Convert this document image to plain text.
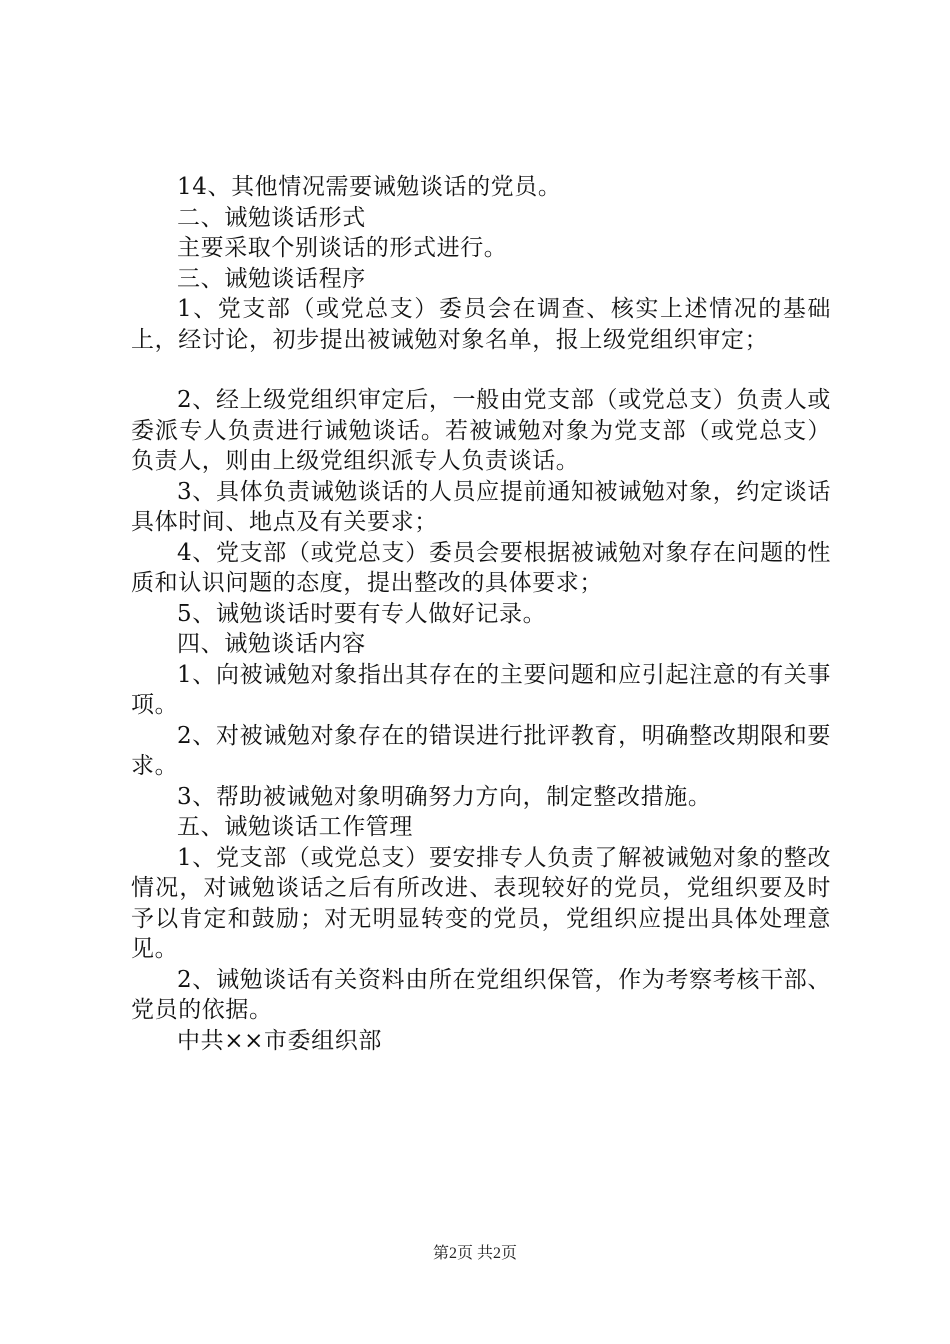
14、其他情况需要诫勉谈话的党员。

二、诫勉谈话形式

主要采取个别谈话的形式进行。

三、诫勉谈话程序

1、党支部（或党总支）委员会在调查、核实上述情况的基础上，经讨论，初步提出被诫勉对象名单，报上级党组织审定；

2、经上级党组织审定后，一般由党支部（或党总支）负责人或委派专人负责进行诫勉谈话。若被诫勉对象为党支部（或党总支）负责人，则由上级党组织派专人负责谈话。

3、具体负责诫勉谈话的人员应提前通知被诫勉对象，约定谈话具体时间、地点及有关要求；

4、党支部（或党总支）委员会要根据被诫勉对象存在问题的性质和认识问题的态度，提出整改的具体要求；

5、诫勉谈话时要有专人做好记录。

四、诫勉谈话内容

1、向被诫勉对象指出其存在的主要问题和应引起注意的有关事项。

2、对被诫勉对象存在的错误进行批评教育，明确整改期限和要求。

3、帮助被诫勉对象明确努力方向，制定整改措施。

五、诫勉谈话工作管理

1、党支部（或党总支）要安排专人负责了解被诫勉对象的整改情况，对诫勉谈话之后有所改进、表现较好的党员，党组织要及时予以肯定和鼓励；对无明显转变的党员，党组织应提出具体处理意见。

2、诫勉谈话有关资料由所在党组织保管，作为考察考核干部、党员的依据。

中共××市委组织部

第2页 共2页
